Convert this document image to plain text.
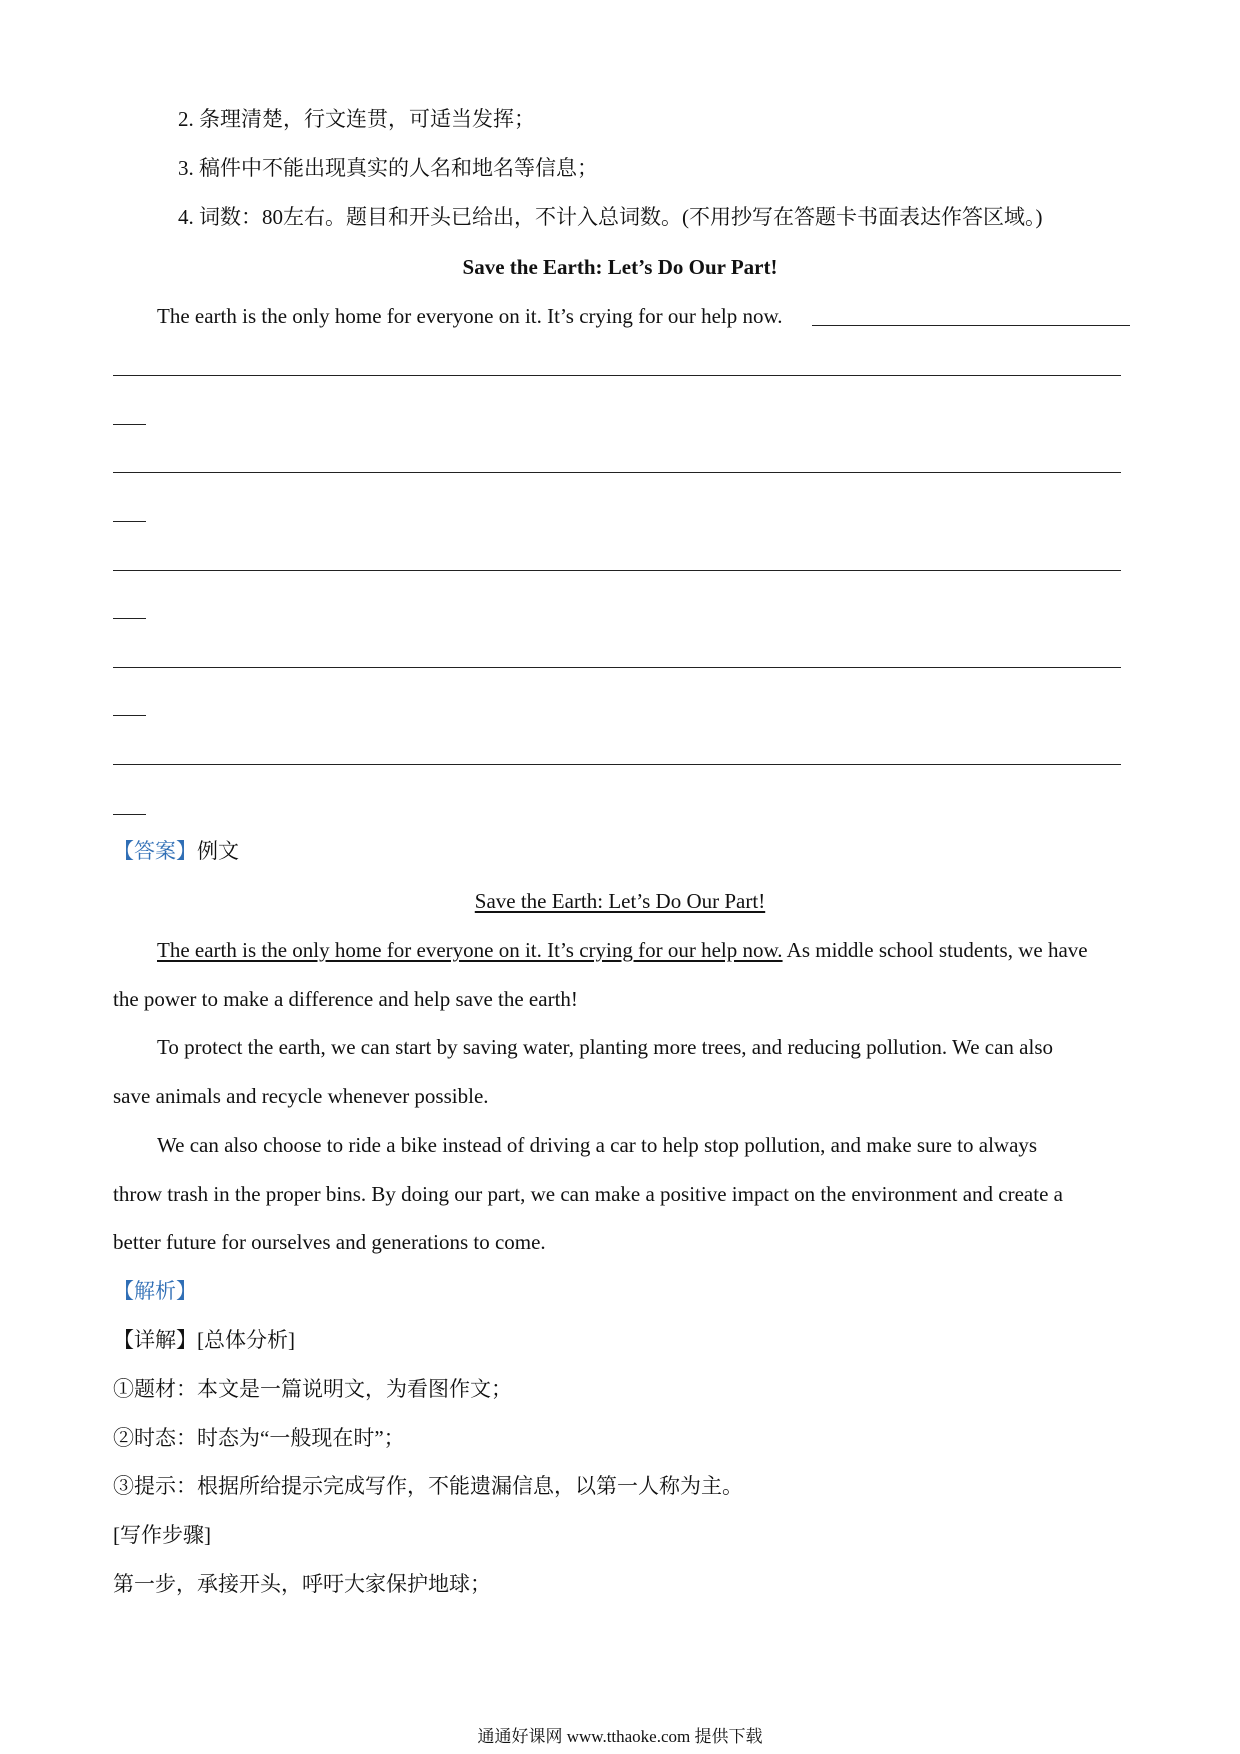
2. 条理清楚，行文连贯，可适当发挥；
3. 稿件中不能出现真实的人名和地名等信息；
4. 词数：80左右。题目和开头已给出，不计入总词数。(不用抄写在答题卡书面表达作答区域。)
Save the Earth: Let’s Do Our Part!
The earth is the only home for everyone on it. It’s crying for our help now.
【答案】例文
Save the Earth: Let’s Do Our Part!
The earth is the only home for everyone on it. It’s crying for our help now. As middle school students, we have
the power to make a difference and help save the earth!
To protect the earth, we can start by saving water, planting more trees, and reducing pollution. We can also
save animals and recycle whenever possible.
We can also choose to ride a bike instead of driving a car to help stop pollution, and make sure to always
throw trash in the proper bins. By doing our part, we can make a positive impact on the environment and create a
better future for ourselves and generations to come.
【解析】
【详解】[总体分析]
①题材：本文是一篇说明文，为看图作文；
②时态：时态为“一般现在时”；
③提示：根据所给提示完成写作，不能遗漏信息，以第一人称为主。
[写作步骤]
第一步，承接开头，呼吁大家保护地球；
通通好课网 www.tthaoke.com 提供下载
